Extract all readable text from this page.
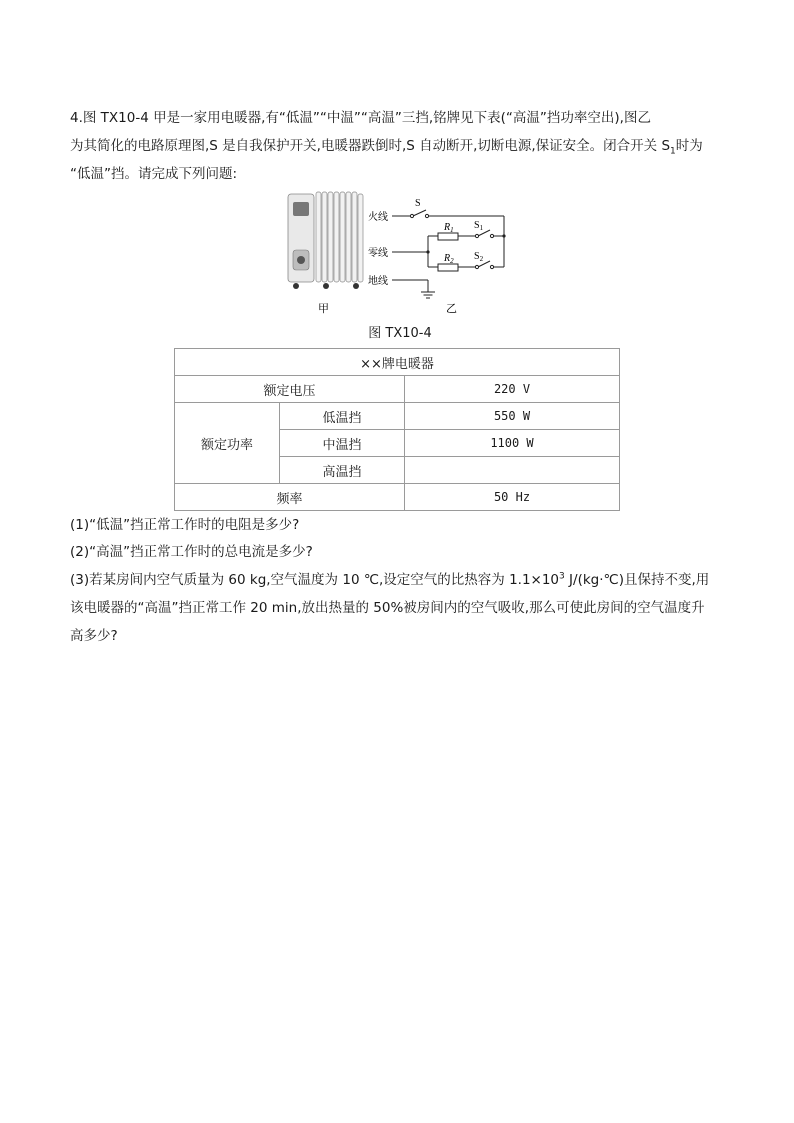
4.图 TX10-4 甲是一家用电暖器,有“低温”“中温”“高温”三挡,铭牌见下表(“高温”挡功率空出),图乙
为其简化的电路原理图,S 是自我保护开关,电暖器跌倒时,S 自动断开,切断电源,保证安全。闭合开关 $S_1$时为
“低温”挡。请完成下列问题:
甲
火线
零线
地线
S
$R_1$ $S_1$
$R_2$ $S_2$
乙
图 TX10-4
××牌电暖器		
额定电压		220 V
额定功率	低温挡	550 W
	中温挡	1100 W
	高温挡	
频率		50 Hz
(1)“低温”挡正常工作时的电阻是多少?
(2)“高温”挡正常工作时的总电流是多少?
(3)若某房间内空气质量为 60 kg,空气温度为 10 ℃,设定空气的比热容为 $1.1\times 10^3$ J/(kg·℃)且保持不变,用
该电暖器的“高温”挡正常工作 20 min,放出热量的 50%被房间内的空气吸收,那么可使此房间的空气温度升
高多少?
